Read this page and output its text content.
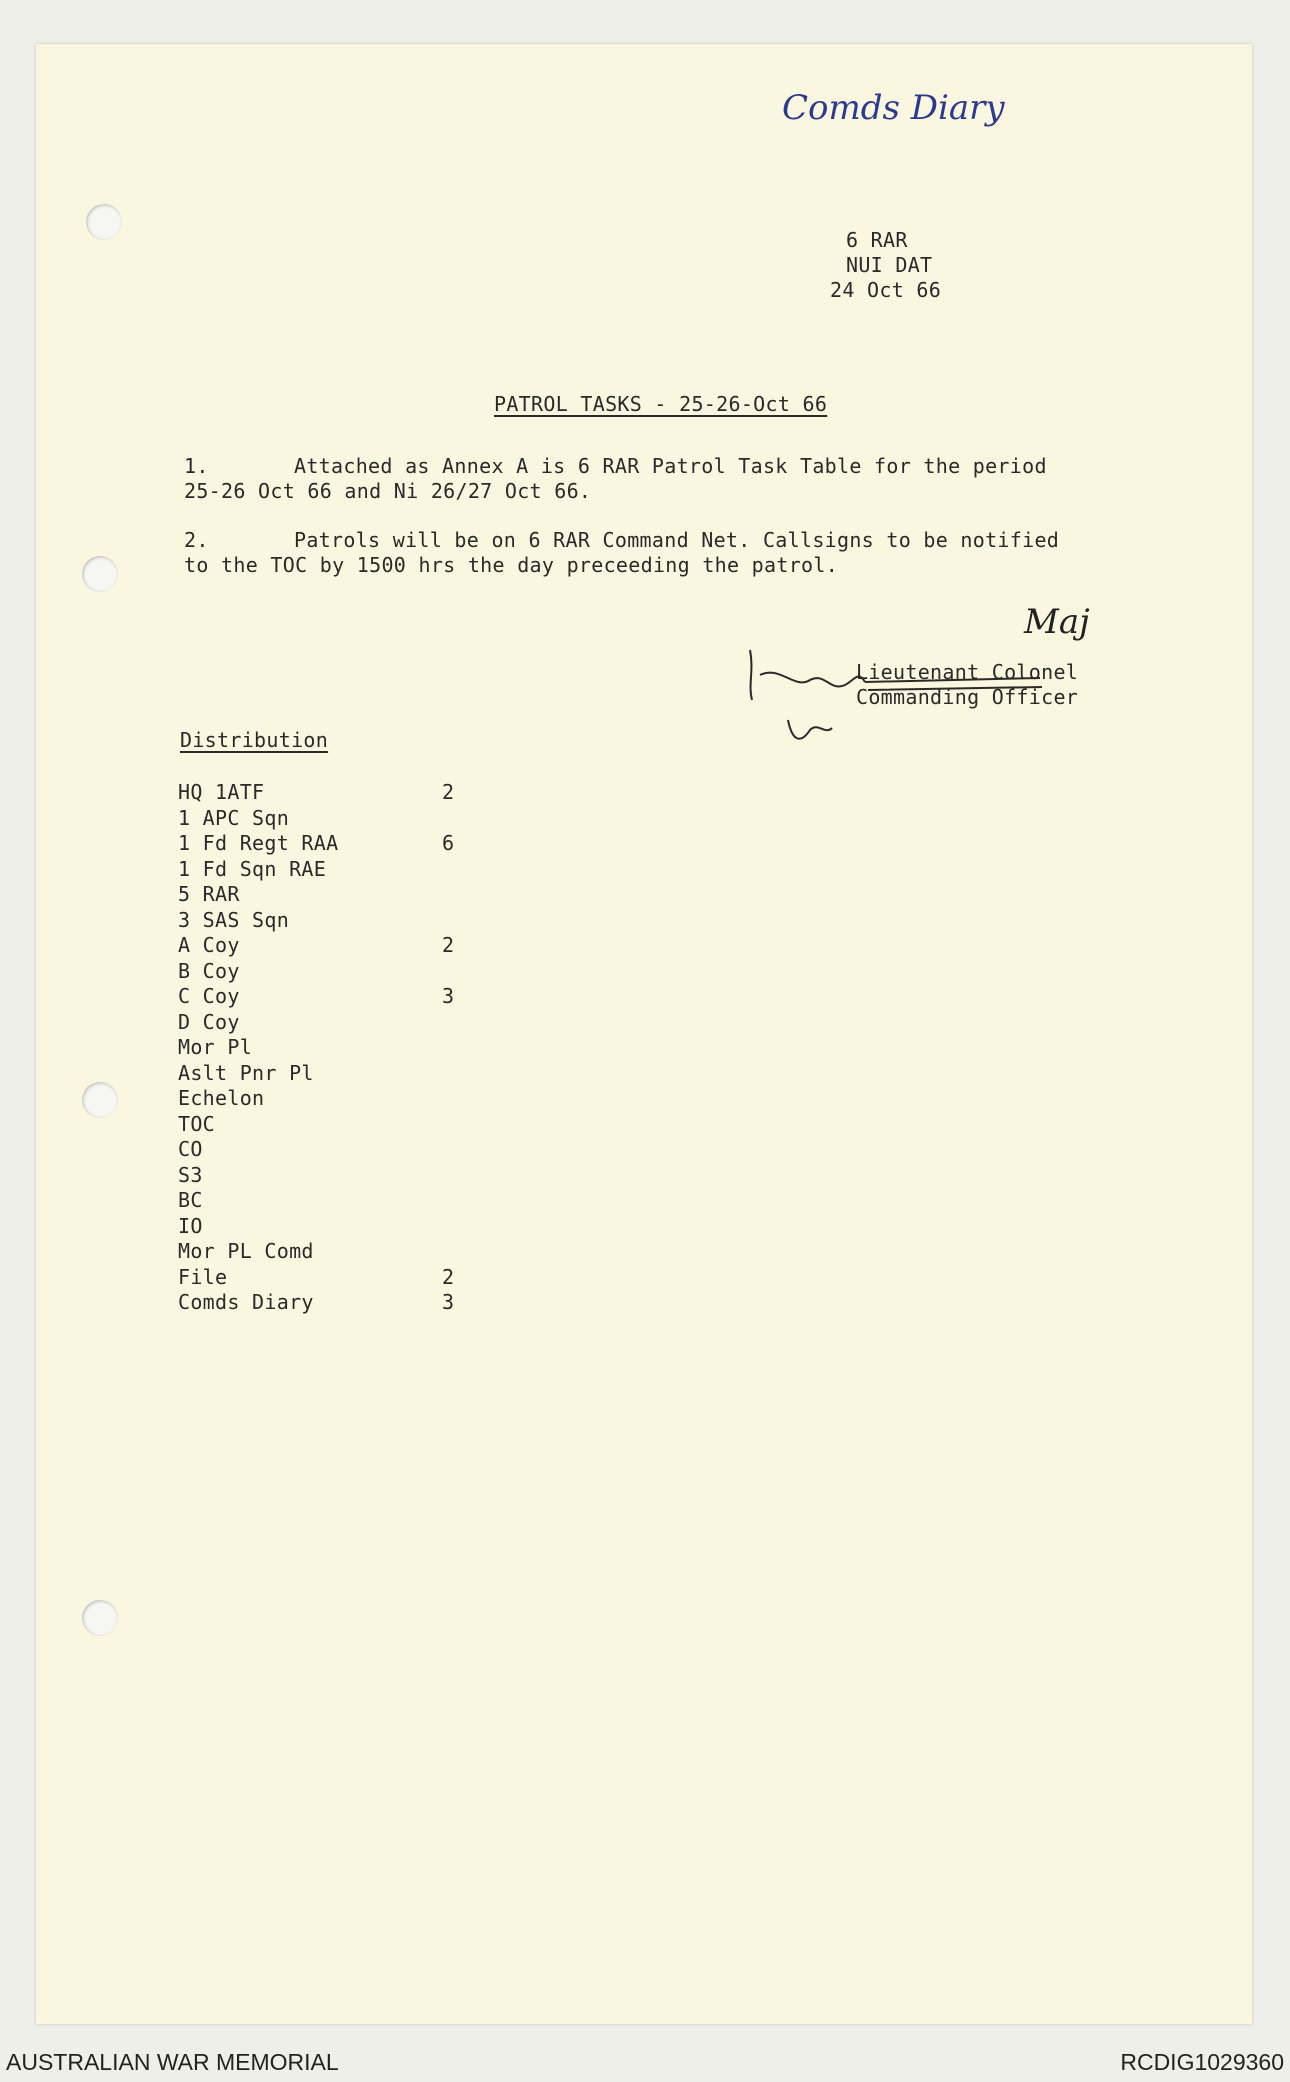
Comds Diary
6 RAR
NUI DAT
24 Oct 66
PATROL TASKS - 25-26-Oct 66
1.	Attached as Annex A is 6 RAR Patrol Task Table for the period 25-26 Oct 66 and Ni 26/27 Oct 66.
2.	Patrols will be on 6 RAR Command Net. Callsigns to be notified to the TOC by 1500 hrs the day preceeding the patrol.
Maj
Lieutenant Colonel
Commanding Officer
Distribution
HQ 1ATF	2
1 APC Sqn
1 Fd Regt RAA	6
1 Fd Sqn RAE
5 RAR
3 SAS Sqn
A Coy	2
B Coy
C Coy	3
D Coy
Mor Pl
Aslt Pnr Pl
Echelon
TOC
CO
S3
BC
IO
Mor PL Comd
File	2
Comds Diary	3
AUSTRALIAN WAR MEMORIAL	RCDIG1029360
